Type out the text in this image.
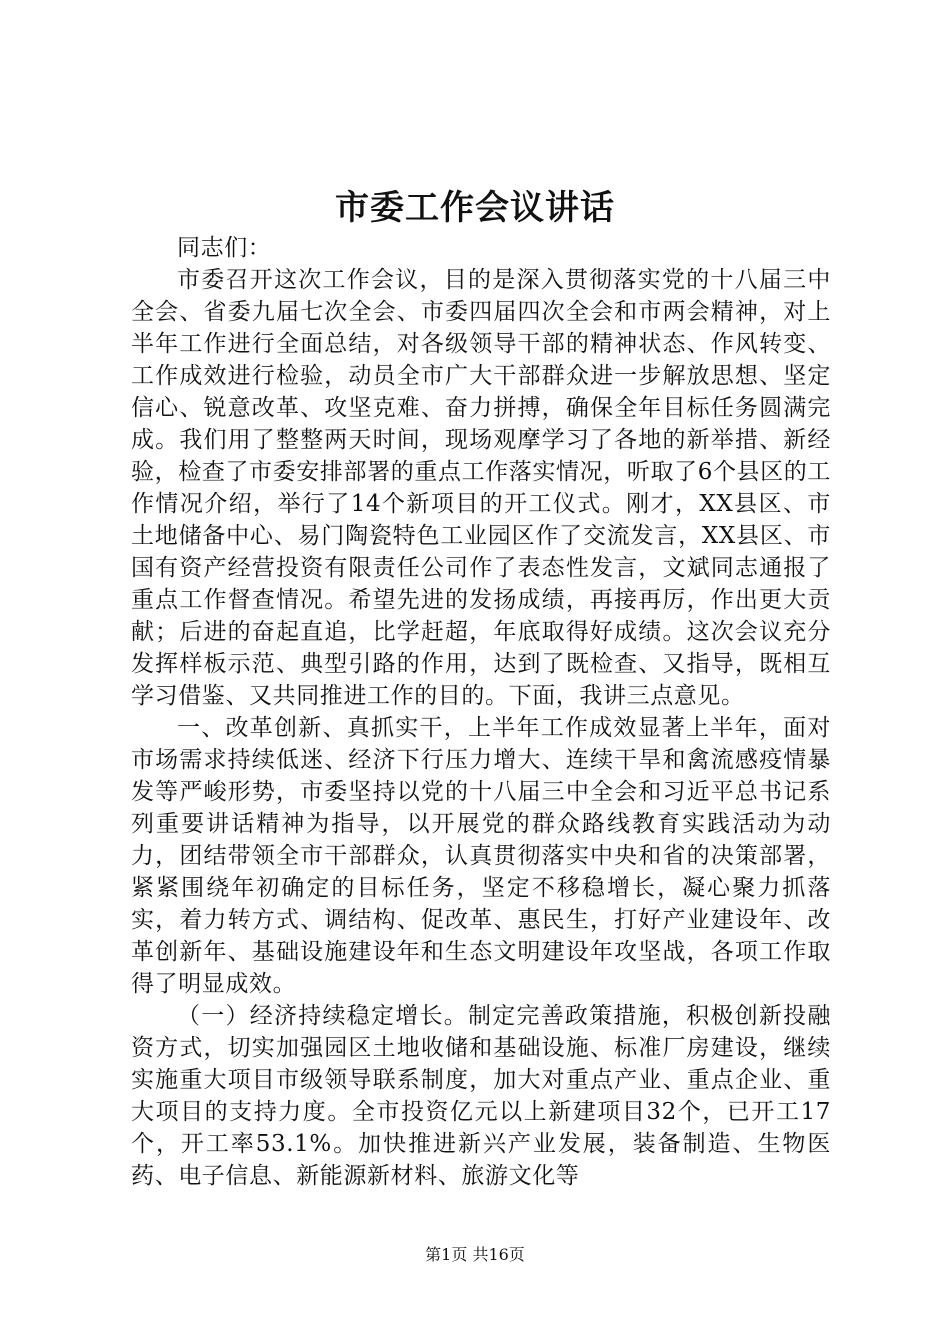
市委工作会议讲话

同志们：

市委召开这次工作会议，目的是深入贯彻落实党的十八届三中全会、省委九届七次全会、市委四届四次全会和市两会精神，对上半年工作进行全面总结，对各级领导干部的精神状态、作风转变、工作成效进行检验，动员全市广大干部群众进一步解放思想、坚定信心、锐意改革、攻坚克难、奋力拼搏，确保全年目标任务圆满完成。我们用了整整两天时间，现场观摩学习了各地的新举措、新经验，检查了市委安排部署的重点工作落实情况，听取了6个县区的工作情况介绍，举行了14个新项目的开工仪式。刚才，XX县区、市土地储备中心、易门陶瓷特色工业园区作了交流发言，XX县区、市国有资产经营投资有限责任公司作了表态性发言，文斌同志通报了重点工作督查情况。希望先进的发扬成绩，再接再厉，作出更大贡献；后进的奋起直追，比学赶超，年底取得好成绩。这次会议充分发挥样板示范、典型引路的作用，达到了既检查、又指导，既相互学习借鉴、又共同推进工作的目的。下面，我讲三点意见。

一、改革创新、真抓实干，上半年工作成效显著上半年，面对市场需求持续低迷、经济下行压力增大、连续干旱和禽流感疫情暴发等严峻形势，市委坚持以党的十八届三中全会和习近平总书记系列重要讲话精神为指导，以开展党的群众路线教育实践活动为动力，团结带领全市干部群众，认真贯彻落实中央和省的决策部署，紧紧围绕年初确定的目标任务，坚定不移稳增长，凝心聚力抓落实，着力转方式、调结构、促改革、惠民生，打好产业建设年、改革创新年、基础设施建设年和生态文明建设年攻坚战，各项工作取得了明显成效。

（一）经济持续稳定增长。制定完善政策措施，积极创新投融资方式，切实加强园区土地收储和基础设施、标准厂房建设，继续实施重大项目市级领导联系制度，加大对重点产业、重点企业、重大项目的支持力度。全市投资亿元以上新建项目32个，已开工17个，开工率53.1%。加快推进新兴产业发展，装备制造、生物医药、电子信息、新能源新材料、旅游文化等

第1页 共16页
